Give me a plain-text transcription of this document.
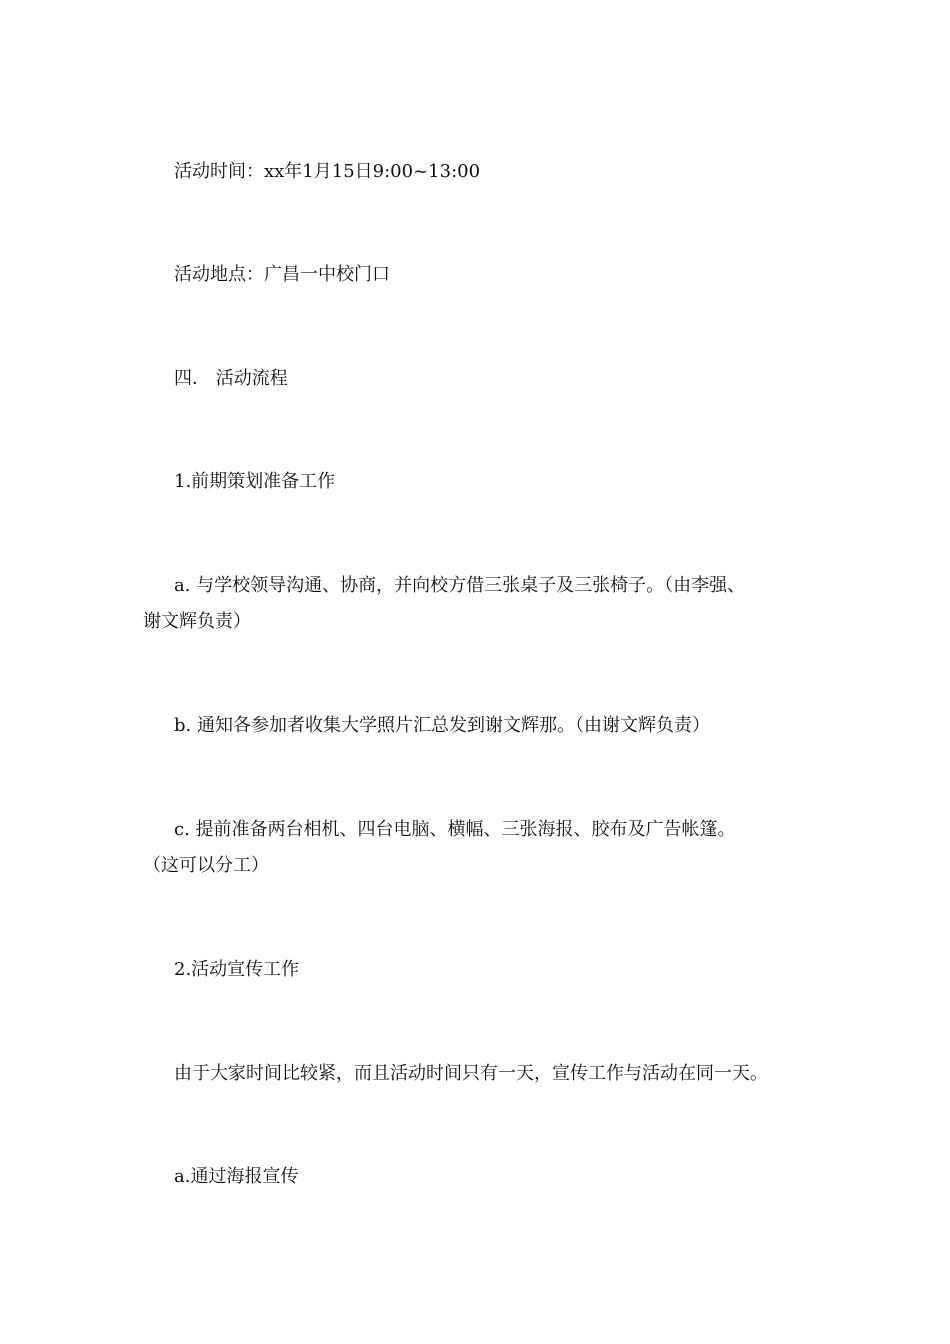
活动时间：xx年1月15日9:00~13:00
活动地点：广昌一中校门口
四． 活动流程
1.前期策划准备工作
a. 与学校领导沟通、协商，并向校方借三张桌子及三张椅子。（由李强、
谢文辉负责）
b. 通知各参加者收集大学照片汇总发到谢文辉那。（由谢文辉负责）
c. 提前准备两台相机、四台电脑、横幅、三张海报、胶布及广告帐篷。
（这可以分工）
2.活动宣传工作
由于大家时间比较紧，而且活动时间只有一天，宣传工作与活动在同一天。
a.通过海报宣传
